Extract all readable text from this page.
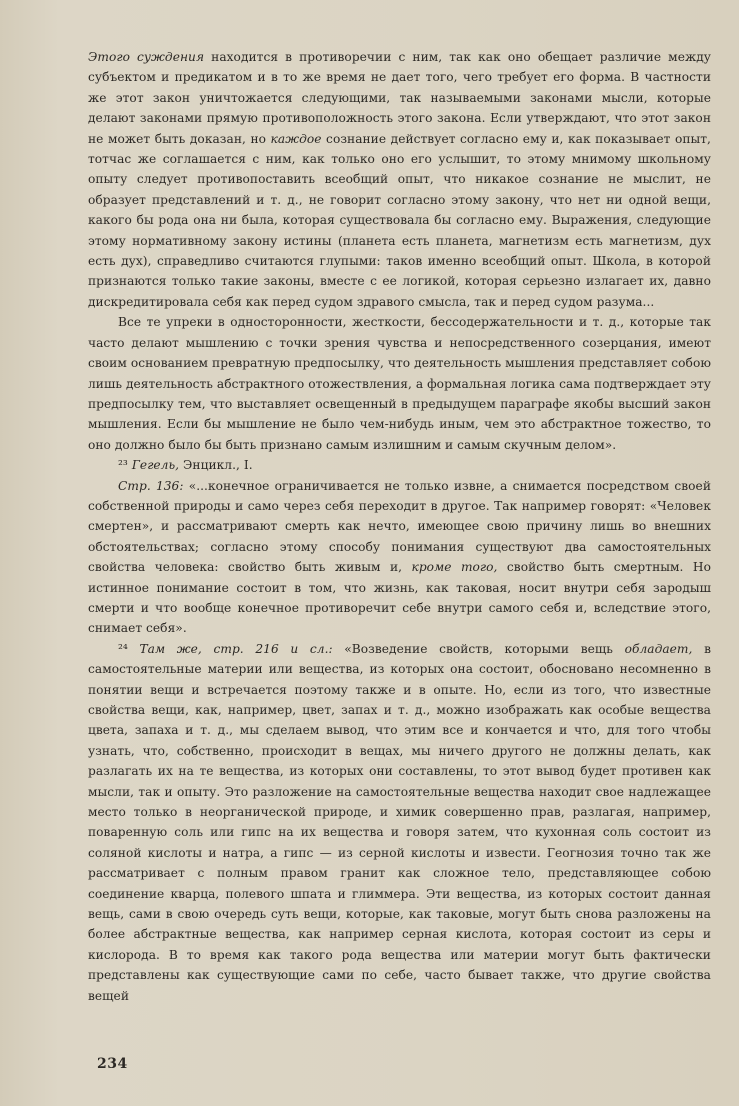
Этого суждения находится в противоречии с ним, так как оно обещает различие между субъектом и предикатом и в то же время не дает того, чего требует его форма. В частности же этот закон уничтожается следующими, так называемыми законами мысли, которые делают законами прямую противоположность этого закона. Если утверждают, что этот закон не может быть доказан, но каждое сознание действует согласно ему и, как показывает опыт, тотчас же соглашается с ним, как только оно его услышит, то этому мнимому школьному опыту следует противопоставить всеобщий опыт, что никакое сознание не мыслит, не образует представлений и т. д., не говорит согласно этому закону, что нет ни одной вещи, какого бы рода она ни была, которая существовала бы согласно ему. Выражения, следующие этому нормативному закону истины (планета есть планета, магнетизм есть магнетизм, дух есть дух), справедливо считаются глупыми: таков именно всеобщий опыт. Школа, в которой признаются только такие законы, вместе с ее логикой, которая серьезно излагает их, давно дискредитировала себя как перед судом здравого смысла, так и перед судом разума...

Все те упреки в односторонности, жесткости, бессодержательности и т. д., которые так часто делают мышлению с точки зрения чувства и непосредственного созерцания, имеют своим основанием превратную предпосылку, что деятельность мышления представляет собою лишь деятельность абстрактного отожествления, а формальная логика сама подтверждает эту предпосылку тем, что выставляет освещенный в предыдущем параграфе якобы высший закон мышления. Если бы мышление не было чем-нибудь иным, чем это абстрактное тожество, то оно должно было бы быть признано самым излишним и самым скучным делом».

²³ Гегель, Энцикл., I.

Стр. 136: «...конечное ограничивается не только извне, а снимается посредством своей собственной природы и само через себя переходит в другое. Так например говорят: «Человек смертен», и рассматривают смерть как нечто, имеющее свою причину лишь во внешних обстоятельствах; согласно этому способу понимания существуют два самостоятельных свойства человека: свойство быть живым и, кроме того, свойство быть смертным. Но истинное понимание состоит в том, что жизнь, как таковая, носит внутри себя зародыш смерти и что вообще конечное противоречит себе внутри самого себя и, вследствие этого, снимает себя».

²⁴ Там же, стр. 216 и сл.: «Возведение свойств, которыми вещь обладает, в самостоятельные материи или вещества, из которых она состоит, обосновано несомненно в понятии вещи и встречается поэтому также и в опыте. Но, если из того, что известные свойства вещи, как, например, цвет, запах и т. д., можно изображать как особые вещества цвета, запаха и т. д., мы сделаем вывод, что этим все и кончается и что, для того чтобы узнать, что, собственно, происходит в вещах, мы ничего другого не должны делать, как разлагать их на те вещества, из которых они составлены, то этот вывод будет противен как мысли, так и опыту. Это разложение на самостоятельные вещества находит свое надлежащее место только в неорганической природе, и химик совершенно прав, разлагая, например, поваренную соль или гипс на их вещества и говоря затем, что кухонная соль состоит из соляной кислоты и натра, а гипс — из серной кислоты и извести. Геогнозия точно так же рассматривает с полным правом гранит как сложное тело, представляющее собою соединение кварца, полевого шпата и глиммера. Эти вещества, из которых состоит данная вещь, сами в свою очередь суть вещи, которые, как таковые, могут быть снова разложены на более абстрактные вещества, как например серная кислота, которая состоит из серы и кислорода. В то время как такого рода вещества или материи могут быть фактически представлены как существующие сами по себе, часто бывает также, что другие свойства вещей

234
